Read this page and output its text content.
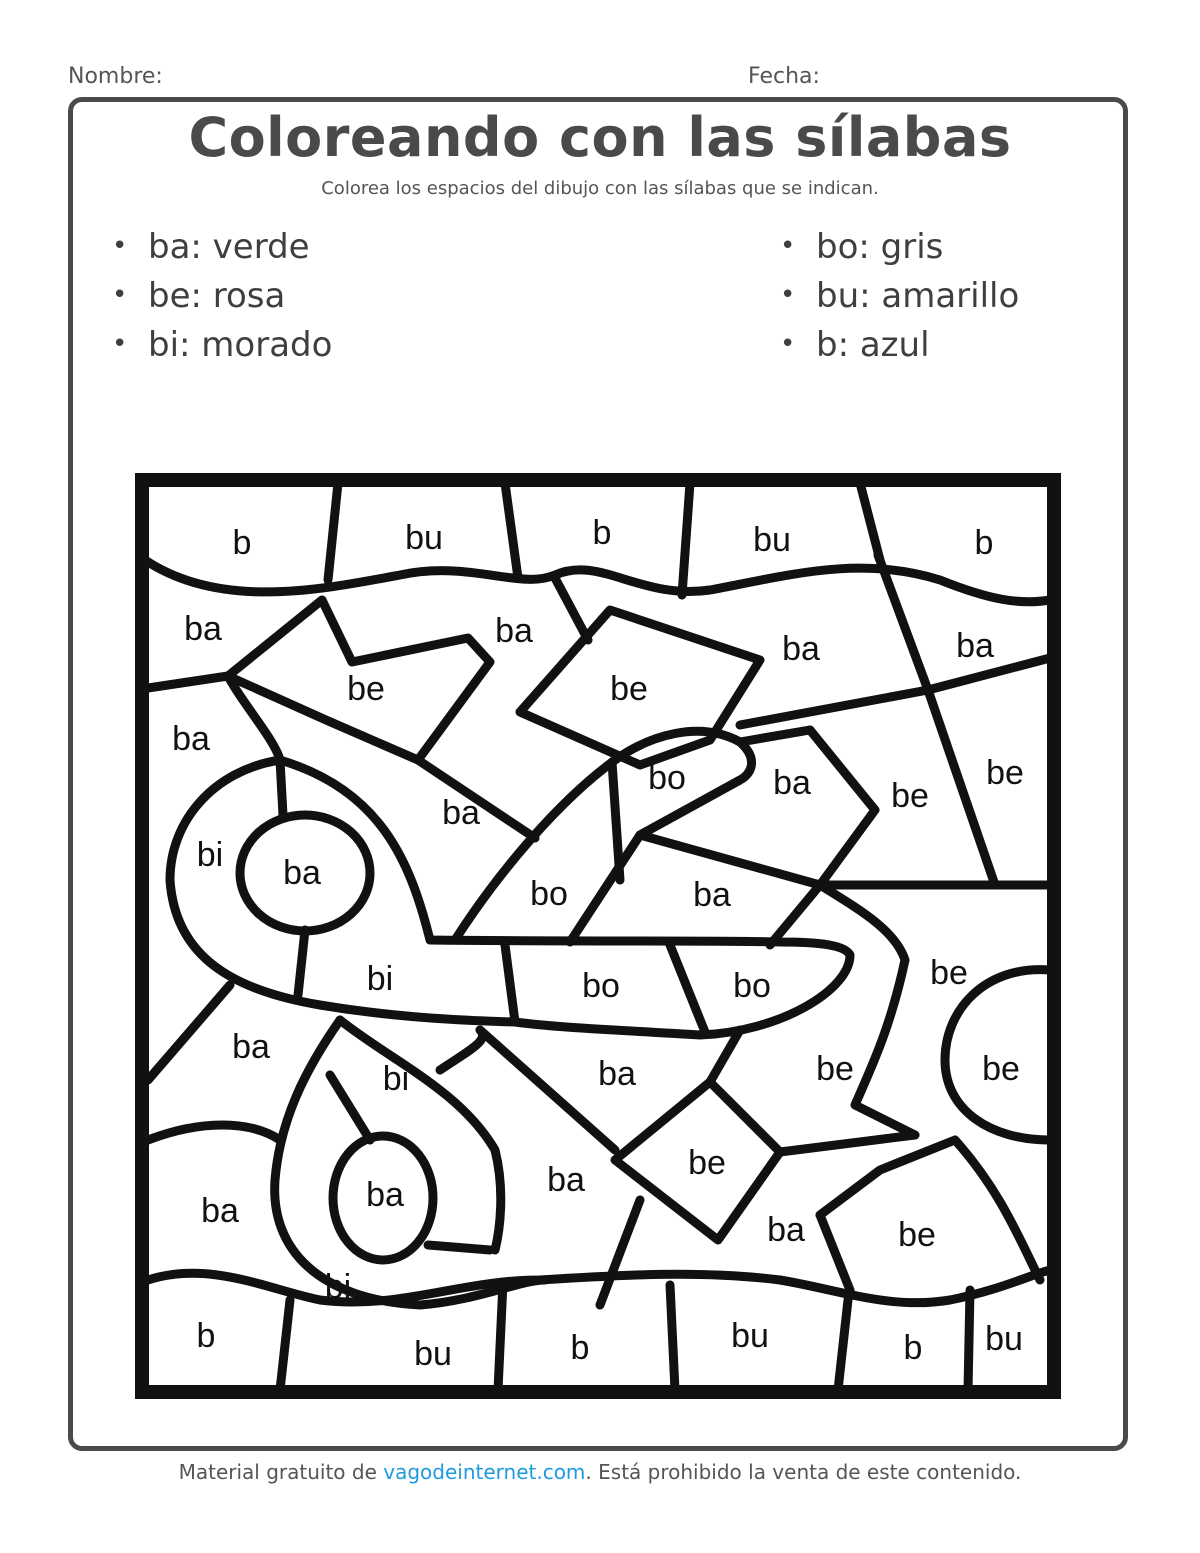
Nombre:	Fecha:
Coloreando con las sílabas
Colorea los espacios del dibujo con las sílabas que se indican.
• ba: verde
• be: rosa
• bi: morado
• bo: gris
• bu: amarillo
• b: azul
b	bu	b	bu	b
ba	ba	ba	ba
be	be
ba
bo	ba	be
be
ba
bi ba
bo	ba
bi	bo	bo	be
ba
bi	ba	be	be
ba
be
ba	ba
be
ba
bi
b	bu	b	bu	b bu
Material gratuito de vagodeinternet.com. Está prohibido la venta de este contenido.
